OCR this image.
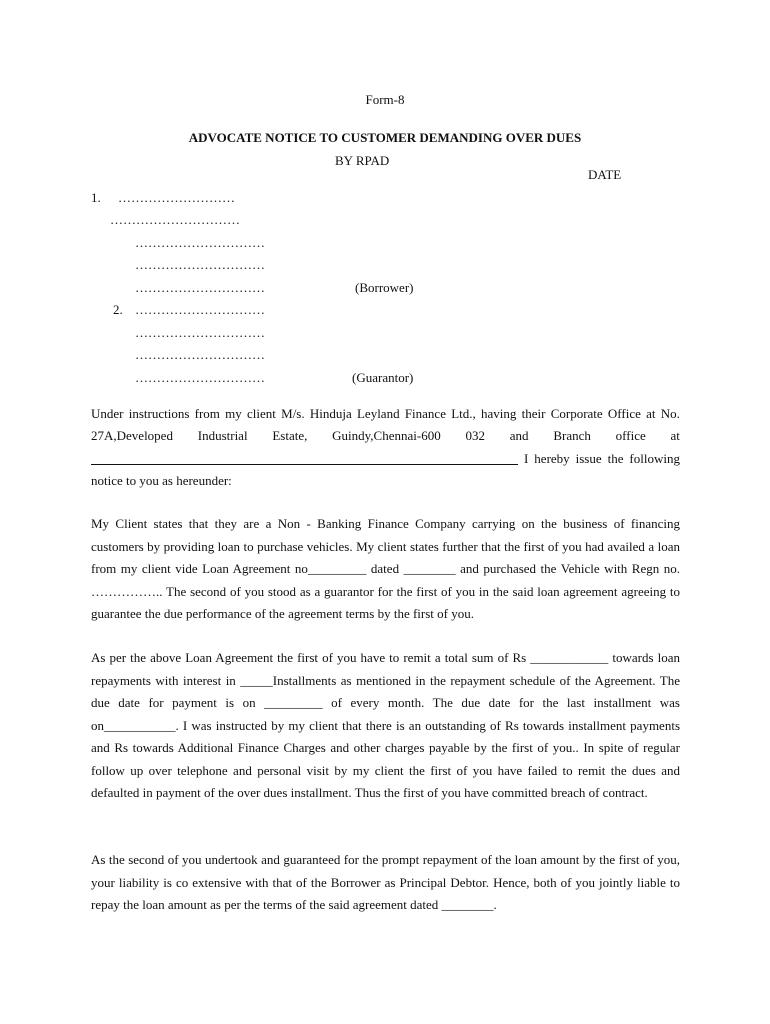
Form-8
ADVOCATE NOTICE TO CUSTOMER DEMANDING OVER DUES
BY RPAD
DATE
1. ………………………
…………………………
…………………………
…………………………
…………………………	(Borrower)
2. …………………………
…………………………
…………………………
…………………………	(Guarantor)
Under instructions from my client M/s. Hinduja Leyland Finance Ltd., having their Corporate Office at No.
27A,Developed Industrial Estate, Guindy,Chennai-600 032 and Branch office at
I hereby issue the following
notice to you as hereunder:
My Client states that they are a Non - Banking Finance Company carrying on the business of financing customers by providing loan to purchase vehicles. My client states further that the first of you had availed a loan from my client vide Loan Agreement no_________ dated ________ and purchased the Vehicle with Regn no. …………….. The second of you stood as a guarantor for the first of you in the said loan agreement agreeing to guarantee the due performance of the agreement terms by the first of you.
As per the above Loan Agreement the first of you have to remit a total sum of Rs ____________ towards loan repayments with interest in _____Installments as mentioned in the repayment schedule of the Agreement. The due date for payment is on _________ of every month. The due date for the last installment was on___________. I was instructed by my client that there is an outstanding of Rs towards installment payments and Rs towards Additional Finance Charges and other charges payable by the first of you.. In spite of regular follow up over telephone and personal visit by my client the first of you have failed to remit the dues and defaulted in payment of the over dues installment. Thus the first of you have committed breach of contract.
As the second of you undertook and guaranteed for the prompt repayment of the loan amount by the first of you, your liability is co extensive with that of the Borrower as Principal Debtor. Hence, both of you jointly liable to repay the loan amount as per the terms of the said agreement dated ________.
